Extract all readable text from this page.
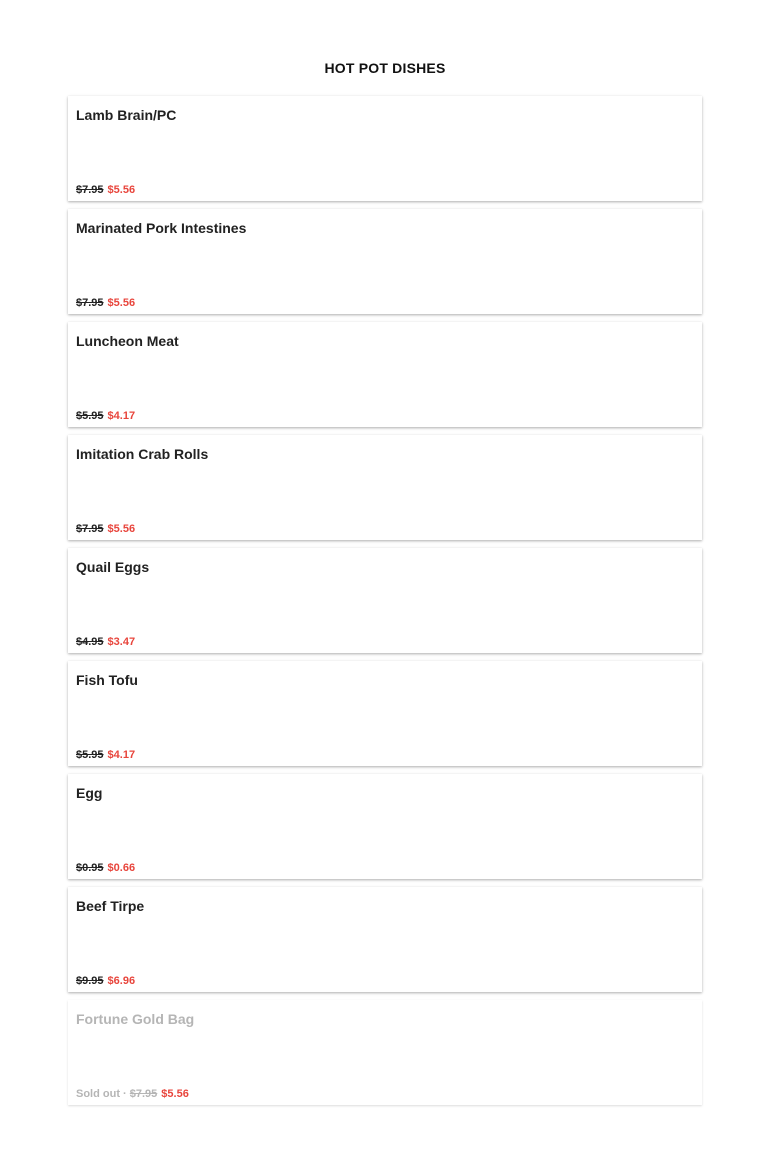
HOT POT DISHES
Lamb Brain/PC
$7.95 $5.56
Marinated Pork Intestines
$7.95 $5.56
Luncheon Meat
$5.95 $4.17
Imitation Crab Rolls
$7.95 $5.56
Quail Eggs
$4.95 $3.47
Fish Tofu
$5.95 $4.17
Egg
$0.95 $0.66
Beef Tirpe
$9.95 $6.96
Fortune Gold Bag
Sold out · $7.95 $5.56
